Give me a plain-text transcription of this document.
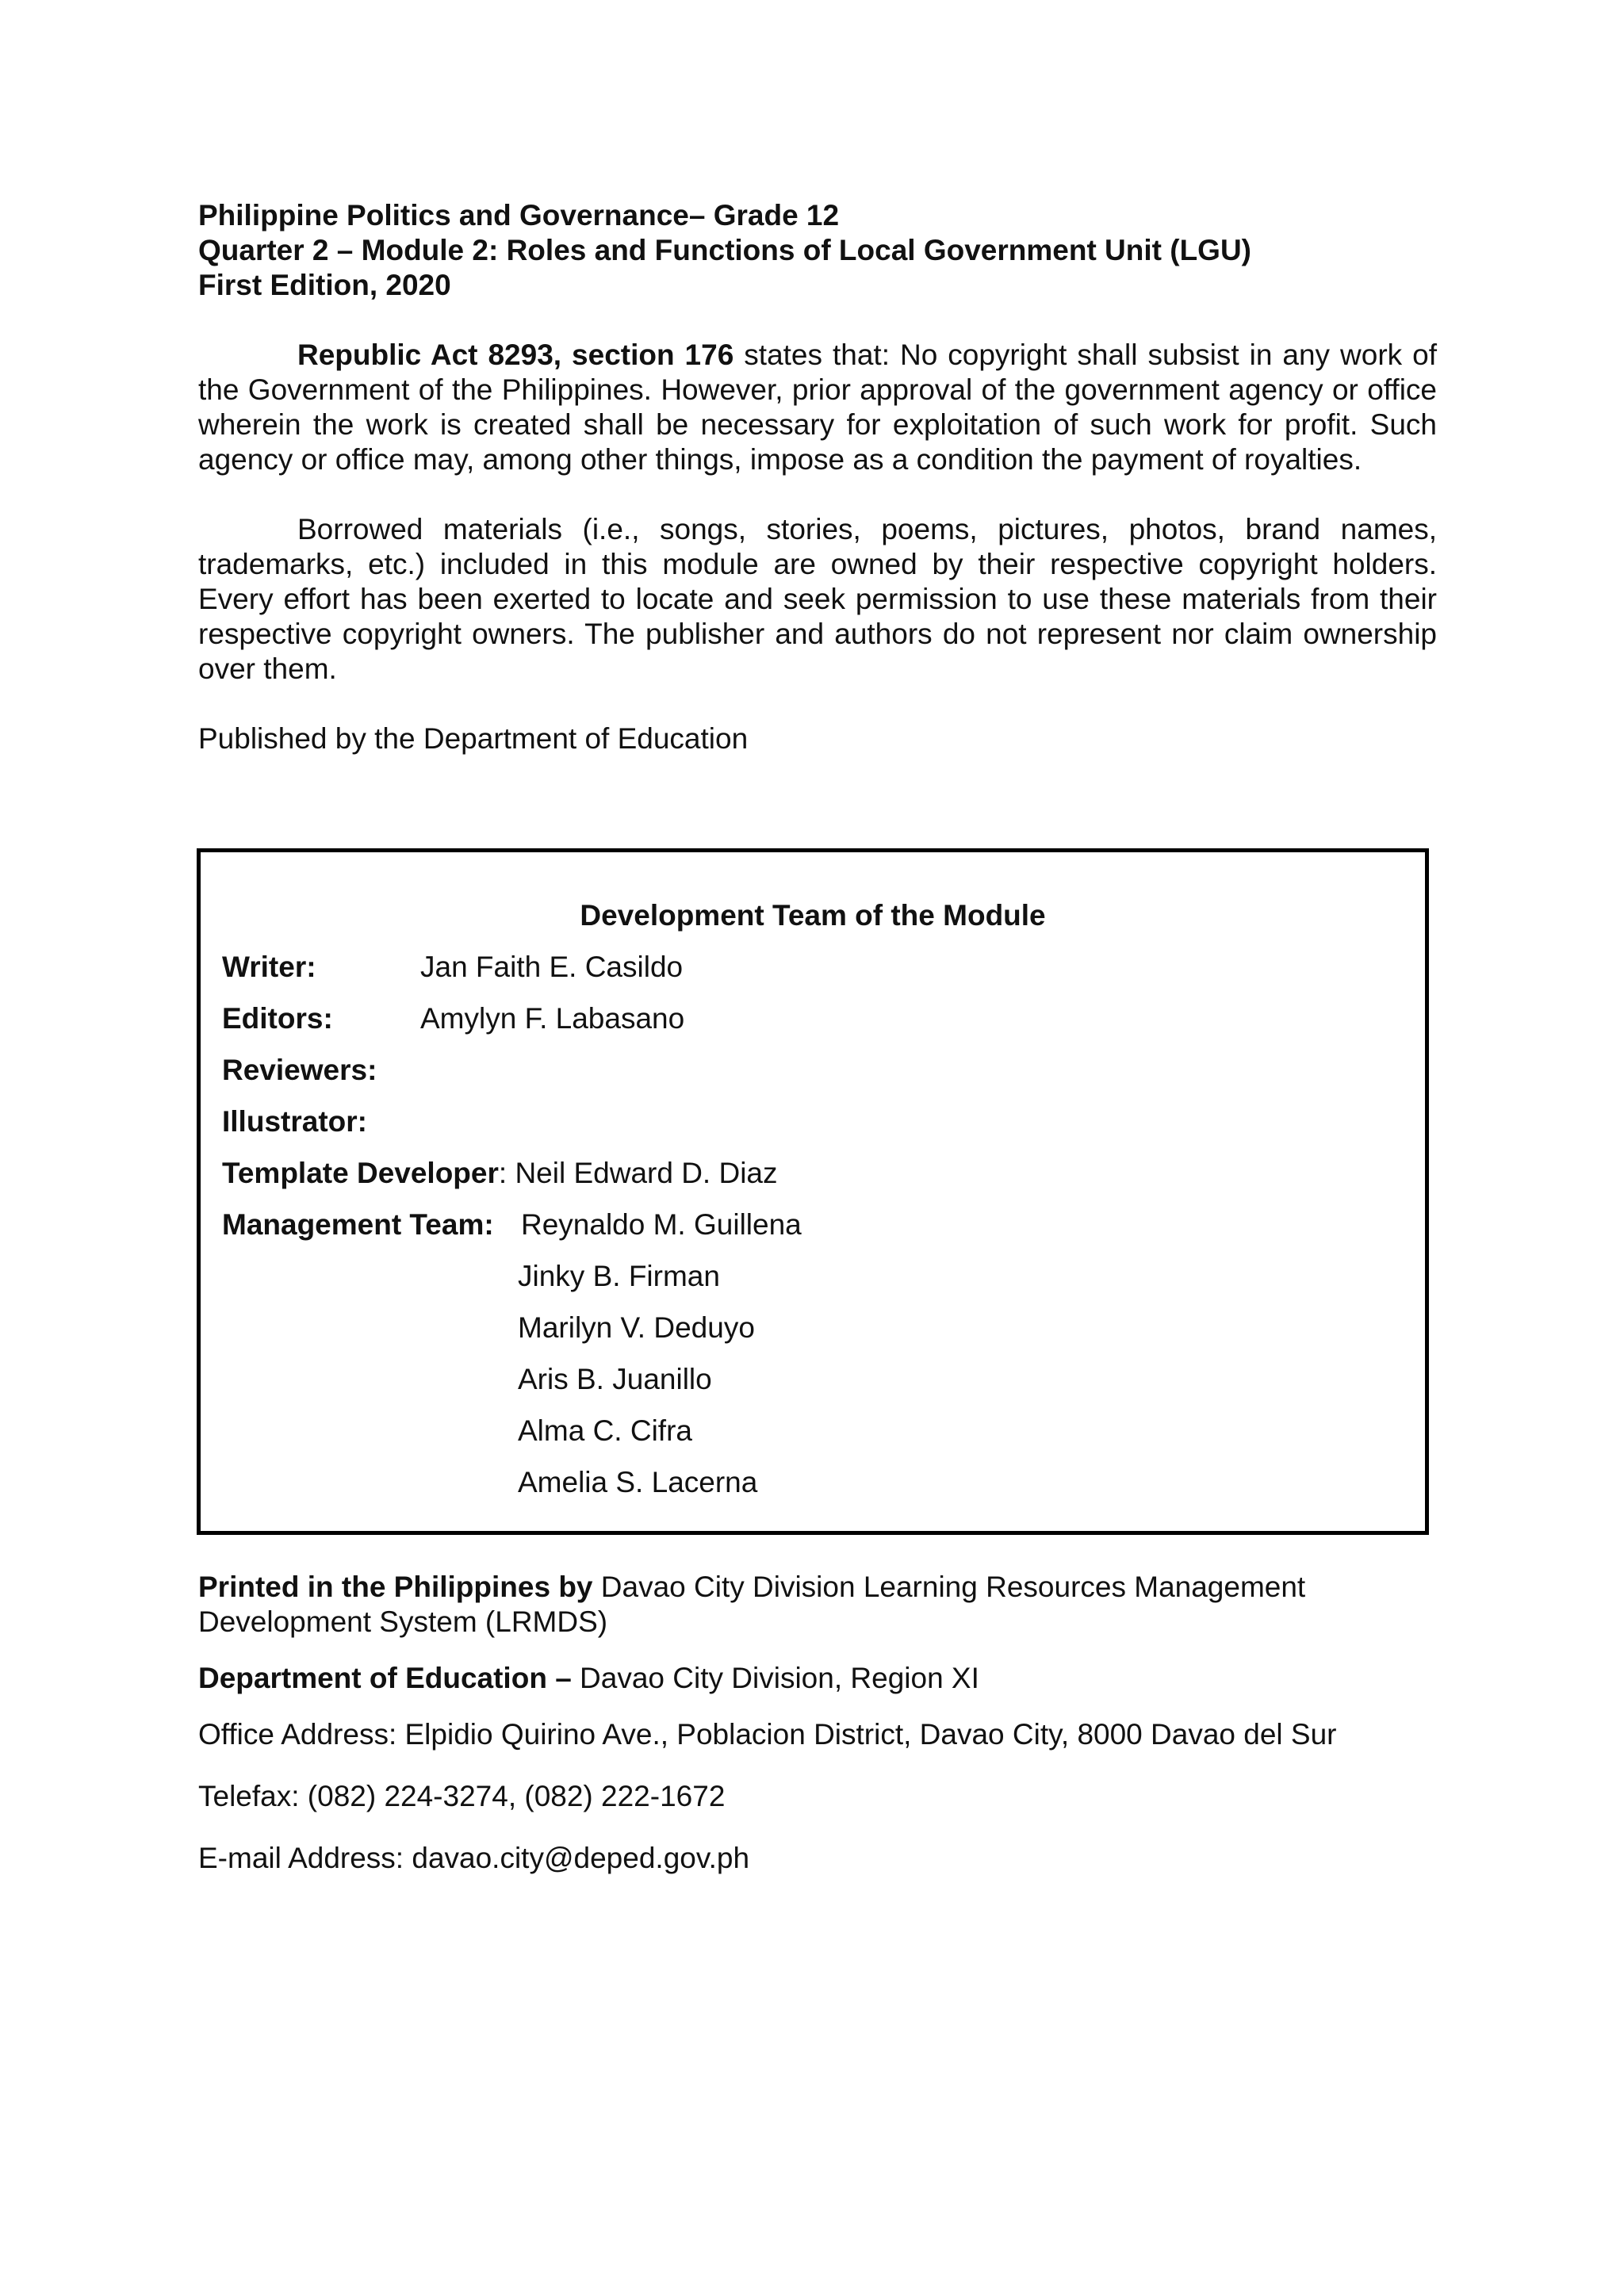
Philippine Politics and Governance– Grade 12

Quarter 2 – Module 2: Roles and Functions of Local Government Unit (LGU)

First Edition, 2020

Republic Act 8293, section 176 states that: No copyright shall subsist in any work of the Government of the Philippines. However, prior approval of the government agency or office wherein the work is created shall be necessary for exploitation of such work for profit. Such agency or office may, among other things, impose as a condition the payment of royalties.

Borrowed materials (i.e., songs, stories, poems, pictures, photos, brand names, trademarks, etc.) included in this module are owned by their respective copyright holders. Every effort has been exerted to locate and seek permission to use these materials from their respective copyright owners. The publisher and authors do not represent nor claim ownership over them.

Published by the Department of Education

Development Team of the Module
Writer:	Jan Faith E. Casildo
Editors:	Amylyn F. Labasano
Reviewers:
Illustrator:
Template Developer: Neil Edward D. Diaz
Management Team: Reynaldo M. Guillena
Jinky B. Firman
Marilyn V. Deduyo
Aris B. Juanillo
Alma C. Cifra
Amelia S. Lacerna

Printed in the Philippines by Davao City Division Learning Resources Management Development System (LRMDS)

Department of Education – Davao City Division, Region XI

Office Address: Elpidio Quirino Ave., Poblacion District, Davao City, 8000 Davao del Sur

Telefax: (082) 224-3274, (082) 222-1672

E-mail Address: davao.city@deped.gov.ph
